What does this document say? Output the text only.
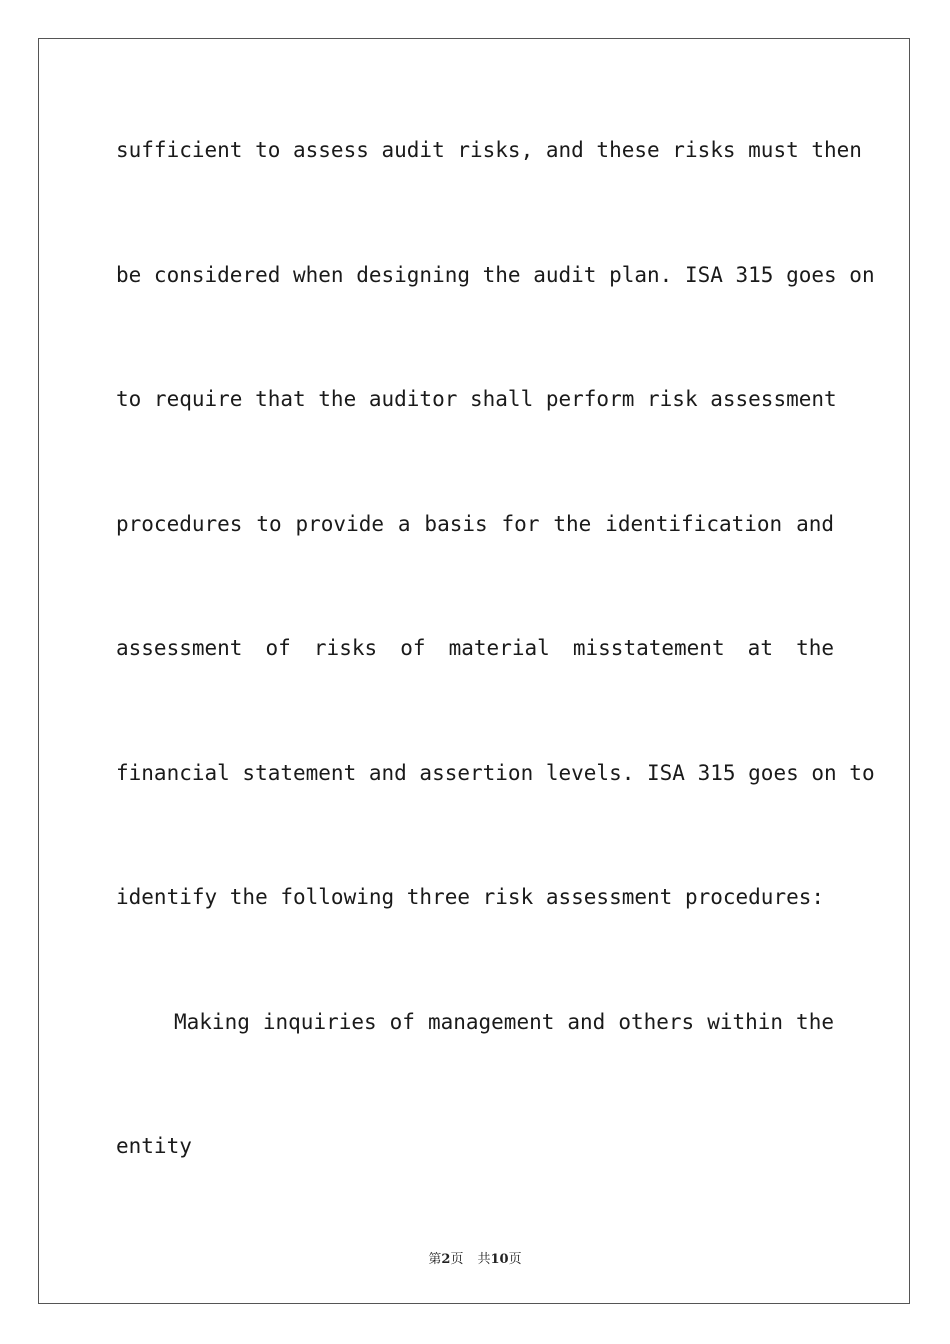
sufficient to assess audit risks, and these risks must then
be considered when designing the audit plan. ISA 315 goes on
to require that the auditor shall perform risk assessment
procedures to provide a basis for the identification and
assessment of risks of material misstatement at the
financial statement and assertion levels. ISA 315 goes on to
identify the following three risk assessment procedures:
Making inquiries of management and others within the
entity
第2页 共10页
